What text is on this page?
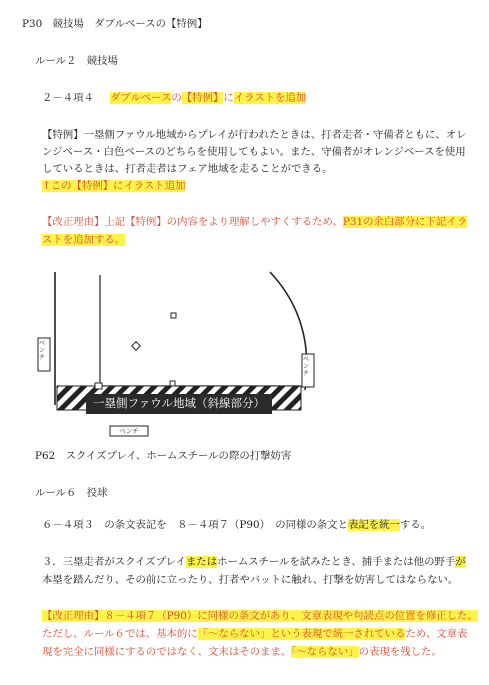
P30　競技場　ダブルベースの【特例】
ルール２　競技場
２－４項４ ダブルベースの【特例】にイラストを追加
【特例】一塁側ファウル地域からプレイが行われたときは、打者走者・守備者ともに、オレ
ンジベース・白色ベースのどちらを使用してもよい。また、守備者がオレンジベースを使用
しているときは、打者走者はフェア地域を走ることができる。
↑この【特例】にイラスト追加
【改正理由】上記【特例】の内容をより理解しやすくするため、P31の余白部分に下記イラ
ストを追加する。
一塁側ファウル地域（斜線部分）
ベンチ	ベンチ
ベンチ
P62　スクイズプレイ、ホームスチールの際の打撃妨害
ルール６　投球
６－４項３　の条文表記を　８－４項７（P90）　の同様の条文と表記を統一する。
３．三塁走者がスクイズプレイまたはホームスチールを試みたとき、捕手または他の野手が
本塁を踏んだり、その前に立ったり、打者やバットに触れ、打撃を妨害してはならない。
【改正理由】８－４項７（P90）に同様の条文があり、文章表現や句読点の位置を修正した。
ただし、ルール６では、基本的に「～ならない」という表現で統一されているため、文章表
現を完全に同様にするのではなく、文末はそのまま、「～ならない」の表現を残した。
